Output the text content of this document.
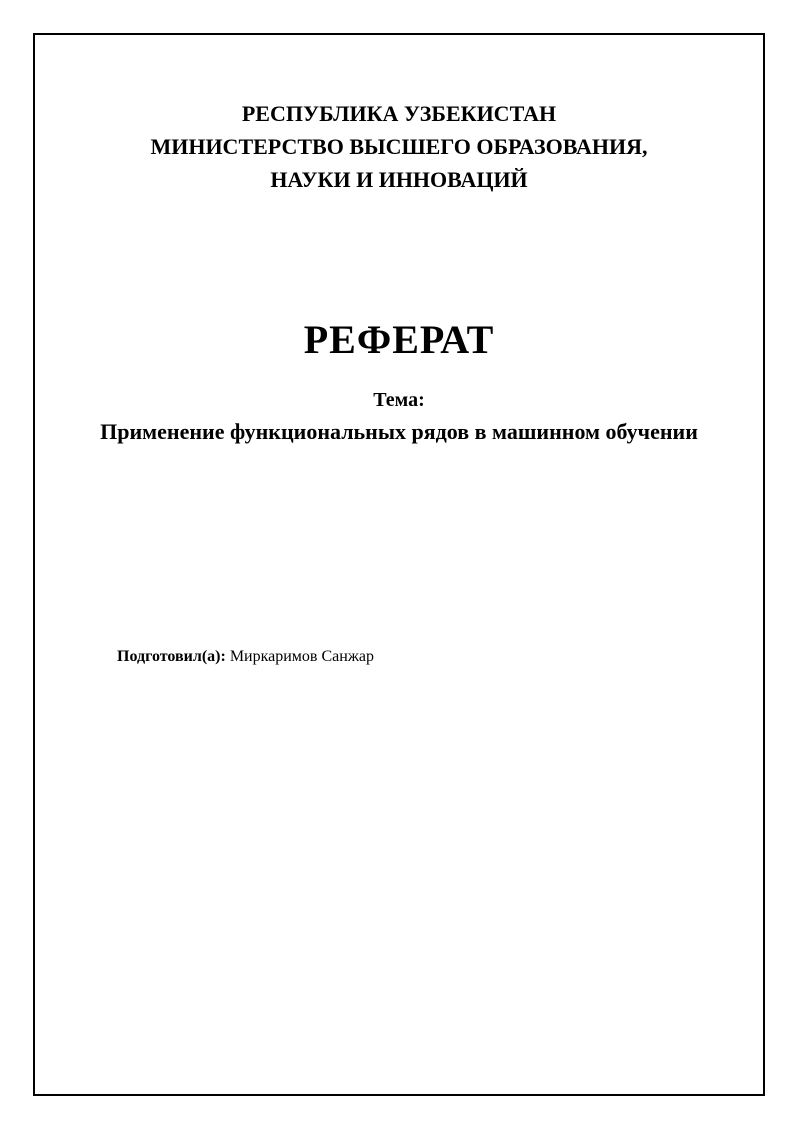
РЕСПУБЛИКА УЗБЕКИСТАН

МИНИСТЕРСТВО ВЫСШЕГО ОБРАЗОВАНИЯ,

НАУКИ И ИННОВАЦИЙ

РЕФЕРАТ
Тема:
Применение функциональных рядов в машинном обучении
Подготовил(а): Миркаримов Санжар
